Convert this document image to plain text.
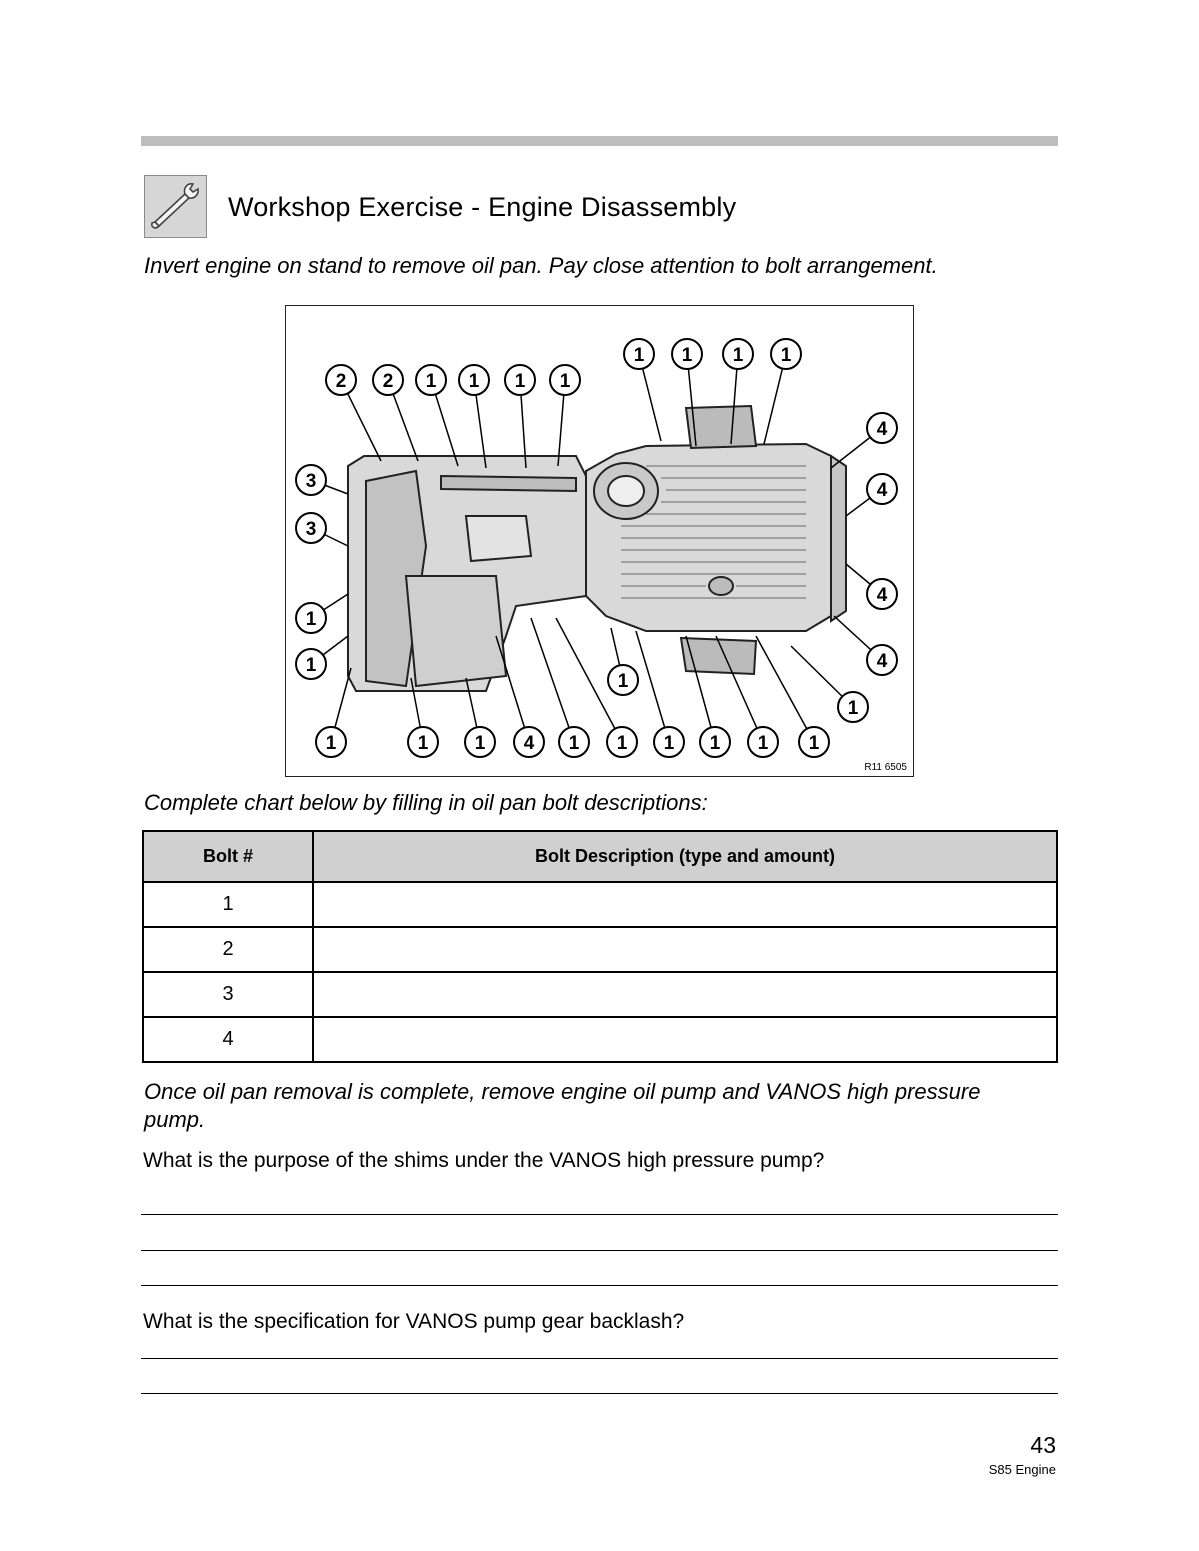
Workshop Exercise - Engine Disassembly
Invert engine on stand to remove oil pan. Pay close attention to bolt arrangement.
2 2 1 1 1 1
1 1 1 1
4
3	4
3
4
1
4
1
1
1	1 1
1
4 1 1 1 1 1 1
R11 6505
Complete chart below by filling in oil pan bolt descriptions:
Bolt #	Bolt Description (type and amount)
1	
2	
3	
4	
Once oil pan removal is complete, remove engine oil pump and VANOS high pressure pump.
What is the purpose of the shims under the VANOS high pressure pump?
What is the specification for VANOS pump gear backlash?
43
S85 Engine
